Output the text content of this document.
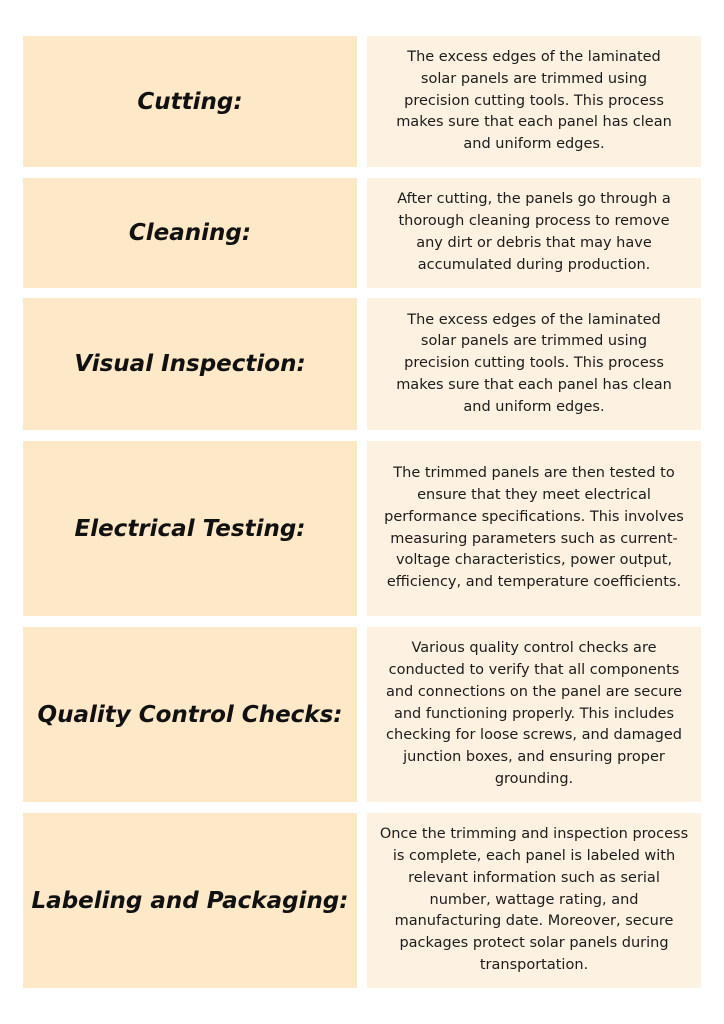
Cutting:

The excess edges of the laminated solar panels are trimmed using precision cutting tools. This process makes sure that each panel has clean and uniform edges.

Cleaning:

After cutting, the panels go through a thorough cleaning process to remove any dirt or debris that may have accumulated during production.

Visual Inspection:

The excess edges of the laminated solar panels are trimmed using precision cutting tools. This process makes sure that each panel has clean and uniform edges.

Electrical Testing:

The trimmed panels are then tested to ensure that they meet electrical performance specifications. This involves measuring parameters such as current-voltage characteristics, power output, efficiency, and temperature coefficients.

Quality Control Checks:

Various quality control checks are conducted to verify that all components and connections on the panel are secure and functioning properly. This includes checking for loose screws, and damaged junction boxes, and ensuring proper grounding.

Labeling and Packaging:

Once the trimming and inspection process is complete, each panel is labeled with relevant information such as serial number, wattage rating, and manufacturing date. Moreover, secure packages protect solar panels during transportation.
